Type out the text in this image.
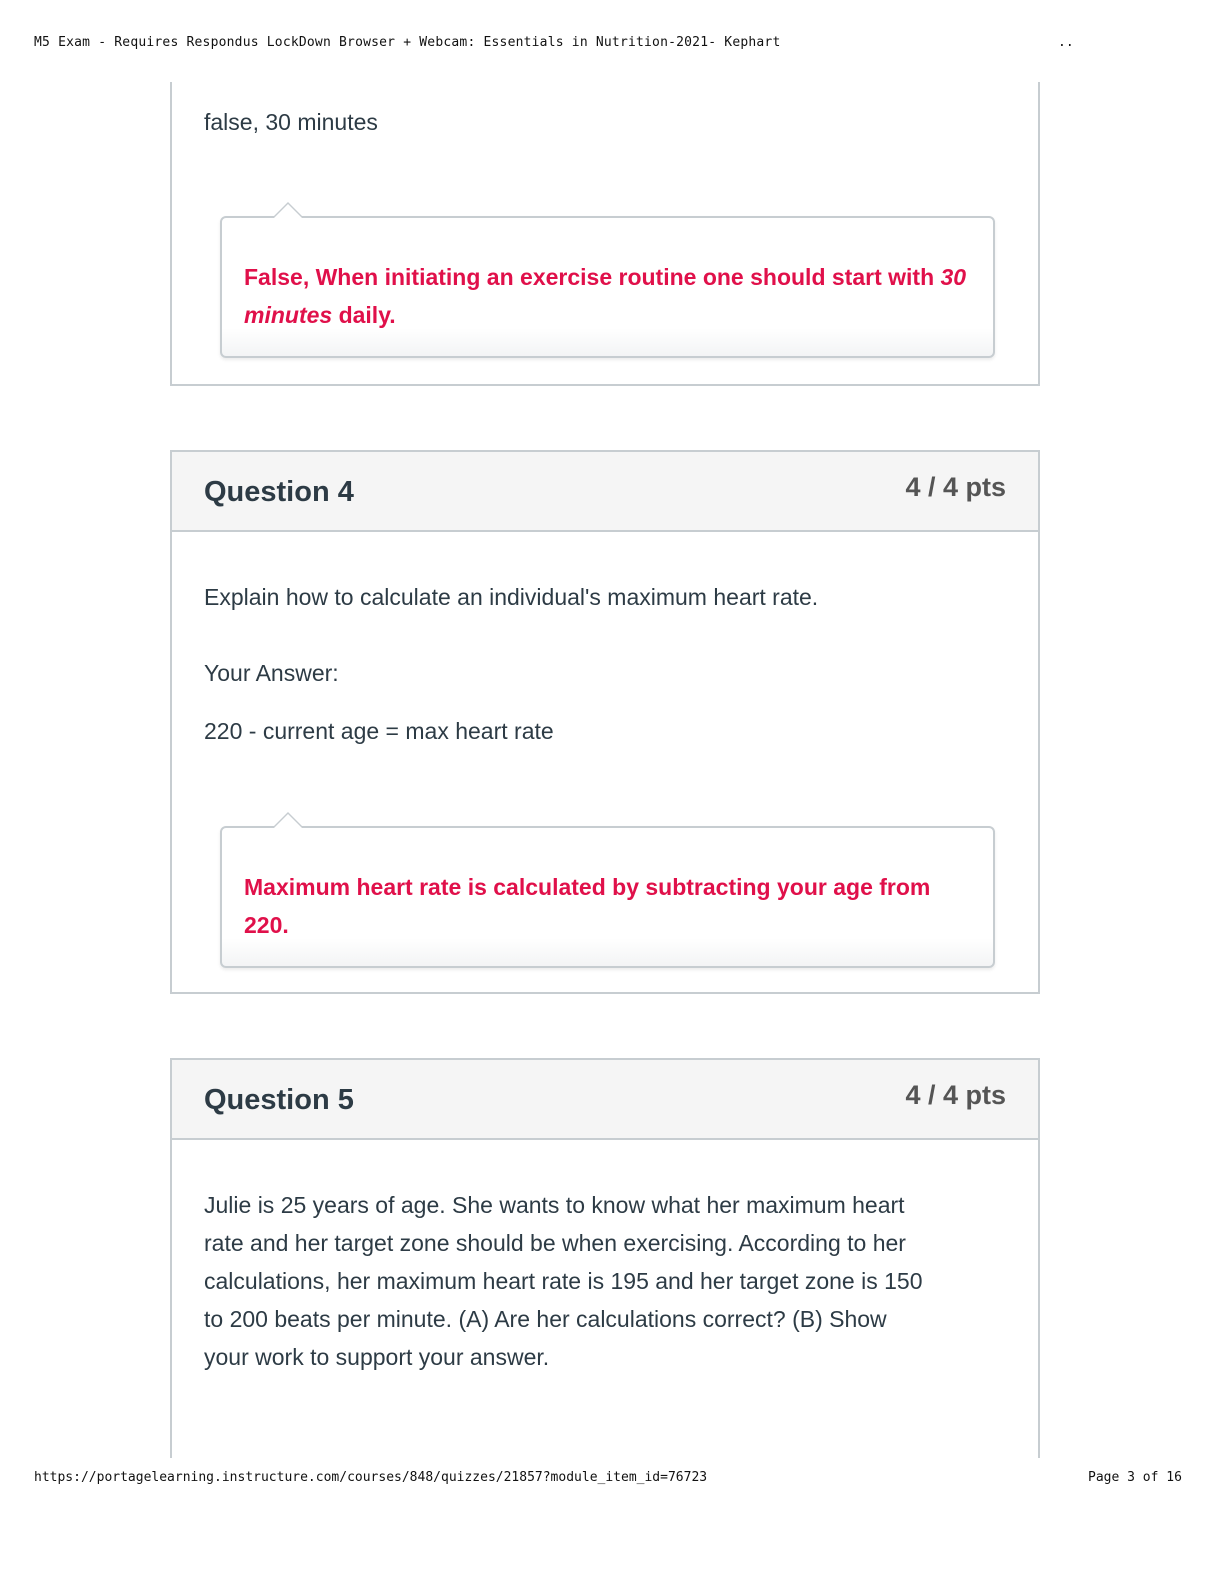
M5 Exam - Requires Respondus LockDown Browser + Webcam: Essentials in Nutrition-2021- Kephart	..
false, 30 minutes
False, When initiating an exercise routine one should start with 30 minutes daily.
Question 4	4 / 4 pts
Explain how to calculate an individual's maximum heart rate.
Your Answer:
220 - current age = max heart rate
Maximum heart rate is calculated by subtracting your age from 220.
Question 5	4 / 4 pts
Julie is 25 years of age. She wants to know what her maximum heart
rate and her target zone should be when exercising. According to her
calculations, her maximum heart rate is 195 and her target zone is 150
to 200 beats per minute. (A) Are her calculations correct? (B) Show
your work to support your answer.
https://portagelearning.instructure.com/courses/848/quizzes/21857?module_item_id=76723	Page 3 of 16
